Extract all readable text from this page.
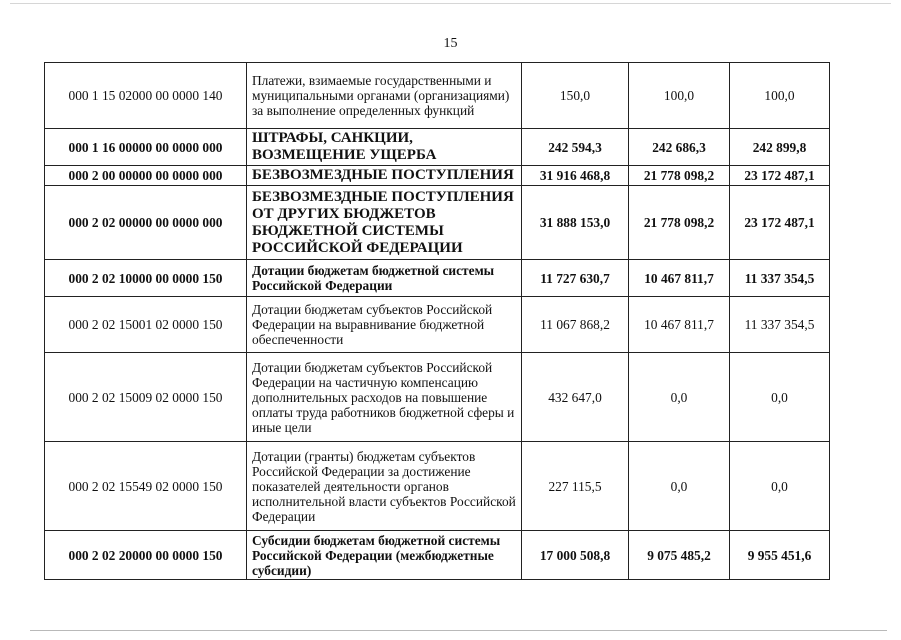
15
000 1 15 02000 00 0000 140	Платежи, взимаемые государственными и муниципальными органами (организациями) за выполнение определенных функций	150,0	100,0	100,0
000 1 16 00000 00 0000 000	ШТРАФЫ, САНКЦИИ, ВОЗМЕЩЕНИЕ УЩЕРБА	242 594,3	242 686,3	242 899,8
000 2 00 00000 00 0000 000	БЕЗВОЗМЕЗДНЫЕ ПОСТУПЛЕНИЯ	31 916 468,8	21 778 098,2	23 172 487,1
000 2 02 00000 00 0000 000	БЕЗВОЗМЕЗДНЫЕ ПОСТУПЛЕНИЯ ОТ ДРУГИХ БЮДЖЕТОВ БЮДЖЕТНОЙ СИСТЕМЫ РОССИЙСКОЙ ФЕДЕРАЦИИ	31 888 153,0	21 778 098,2	23 172 487,1
000 2 02 10000 00 0000 150	Дотации бюджетам бюджетной системы Российской Федерации	11 727 630,7	10 467 811,7	11 337 354,5
000 2 02 15001 02 0000 150	Дотации бюджетам субъектов Российской Федерации на выравнивание бюджетной обеспеченности	11 067 868,2	10 467 811,7	11 337 354,5
000 2 02 15009 02 0000 150	Дотации бюджетам субъектов Российской Федерации на частичную компенсацию дополнительных расходов на повышение оплаты труда работников бюджетной сферы и иные цели	432 647,0	0,0	0,0
000 2 02 15549 02 0000 150	Дотации (гранты) бюджетам субъектов Российской Федерации за достижение показателей деятельности органов исполнительной власти субъектов Российской Федерации	227 115,5	0,0	0,0
000 2 02 20000 00 0000 150	Субсидии бюджетам бюджетной системы Российской Федерации (межбюджетные субсидии)	17 000 508,8	9 075 485,2	9 955 451,6
